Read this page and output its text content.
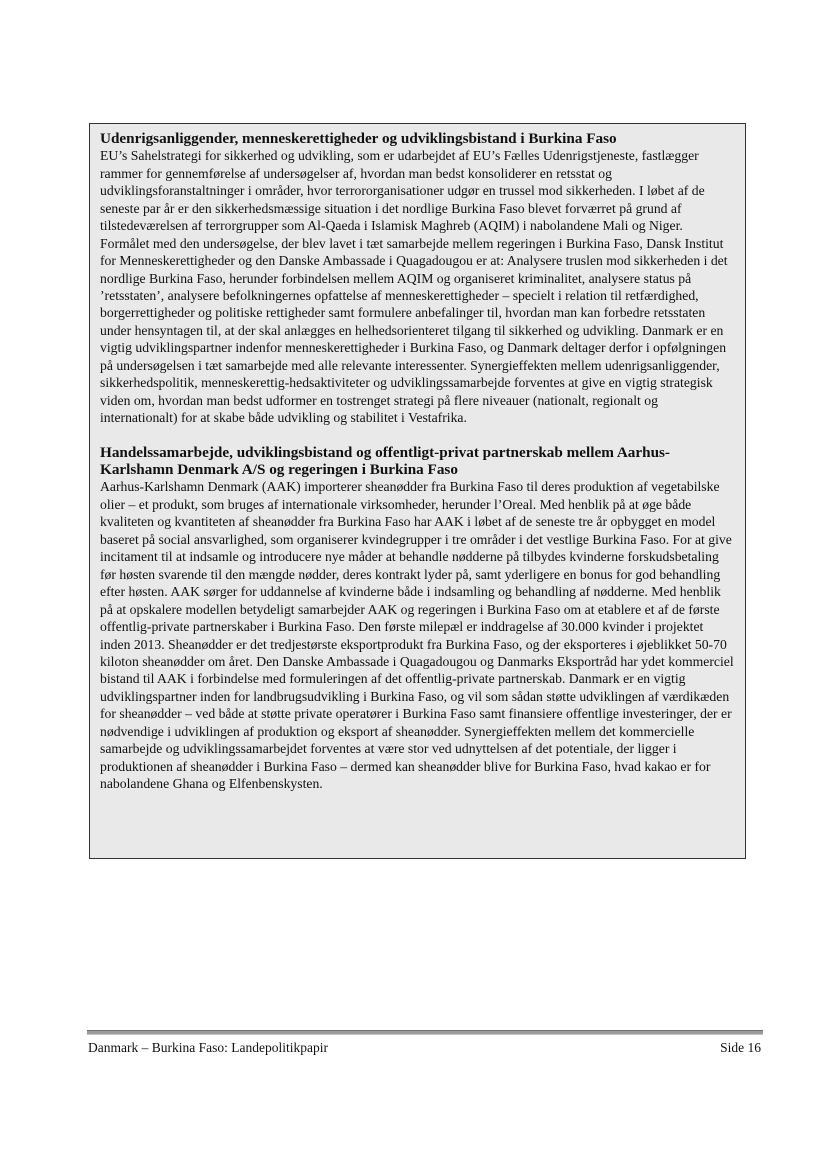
Udenrigsanliggender, menneskerettigheder og udviklingsbistand i Burkina Faso

EU’s Sahelstrategi for sikkerhed og udvikling, som er udarbejdet af EU’s Fælles Udenrigstjeneste, fastlægger rammer for gennemførelse af undersøgelser af, hvordan man bedst konsoliderer en retsstat og udviklingsforanstaltninger i områder, hvor terrororganisationer udgør en trussel mod sikkerheden. I løbet af de seneste par år er den sikkerhedsmæssige situation i det nordlige Burkina Faso blevet forværret på grund af tilstedeværelsen af terrorgrupper som Al-Qaeda i Islamisk Maghreb (AQIM) i nabolandene Mali og Niger. Formålet med den undersøgelse, der blev lavet i tæt samarbejde mellem regeringen i Burkina Faso, Dansk Institut for Menneskerettigheder og den Danske Ambassade i Quagadougou er at: Analysere truslen mod sikkerheden i det nordlige Burkina Faso, herunder forbindelsen mellem AQIM og organiseret kriminalitet, analysere status på ’retsstaten’, analysere befolkningernes opfattelse af menneskerettigheder – specielt i relation til retfærdighed, borgerrettigheder og politiske rettigheder samt formulere anbefalinger til, hvordan man kan forbedre retsstaten under hensyntagen til, at der skal anlægges en helhedsorienteret tilgang til sikkerhed og udvikling. Danmark er en vigtig udviklingspartner indenfor menneskerettigheder i Burkina Faso, og Danmark deltager derfor i opfølgningen på undersøgelsen i tæt samarbejde med alle relevante interessenter. Synergieffekten mellem udenrigsanliggender, sikkerhedspolitik, menneskerettig-hedsaktiviteter og udviklingssamarbejde forventes at give en vigtig strategisk viden om, hvordan man bedst udformer en tostrenget strategi på flere niveauer (nationalt, regionalt og internationalt) for at skabe både udvikling og stabilitet i Vestafrika.

Handelssamarbejde, udviklingsbistand og offentligt-privat partnerskab mellem Aarhus-Karlshamn Denmark A/S og regeringen i Burkina Faso

Aarhus-Karlshamn Denmark (AAK) importerer sheanødder fra Burkina Faso til deres produktion af vegetabilske olier – et produkt, som bruges af internationale virksomheder, herunder l’Oreal. Med henblik på at øge både kvaliteten og kvantiteten af sheanødder fra Burkina Faso har AAK i løbet af de seneste tre år opbygget en model baseret på social ansvarlighed, som organiserer kvindegrupper i tre områder i det vestlige Burkina Faso. For at give incitament til at indsamle og introducere nye måder at behandle nødderne på tilbydes kvinderne forskudsbetaling før høsten svarende til den mængde nødder, deres kontrakt lyder på, samt yderligere en bonus for god behandling efter høsten. AAK sørger for uddannelse af kvinderne både i indsamling og behandling af nødderne. Med henblik på at opskalere modellen betydeligt samarbejder AAK og regeringen i Burkina Faso om at etablere et af de første offentlig-private partnerskaber i Burkina Faso. Den første milepæl er inddragelse af 30.000 kvinder i projektet inden 2013. Sheanødder er det tredjestørste eksportprodukt fra Burkina Faso, og der eksporteres i øjeblikket 50-70 kiloton sheanødder om året. Den Danske Ambassade i Quagadougou og Danmarks Eksportråd har ydet kommerciel bistand til AAK i forbindelse med formuleringen af det offentlig-private partnerskab. Danmark er en vigtig udviklingspartner inden for landbrugsudvikling i Burkina Faso, og vil som sådan støtte udviklingen af værdikæden for sheanødder – ved både at støtte private operatører i Burkina Faso samt finansiere offentlige investeringer, der er nødvendige i udviklingen af produktion og eksport af sheanødder. Synergieffekten mellem det kommercielle samarbejde og udviklingssamarbejdet forventes at være stor ved udnyttelsen af det potentiale, der ligger i produktionen af sheanødder i Burkina Faso – dermed kan sheanødder blive for Burkina Faso, hvad kakao er for nabolandene Ghana og Elfenbenskysten.

Danmark – Burkina Faso: Landepolitikpapir	Side 16
